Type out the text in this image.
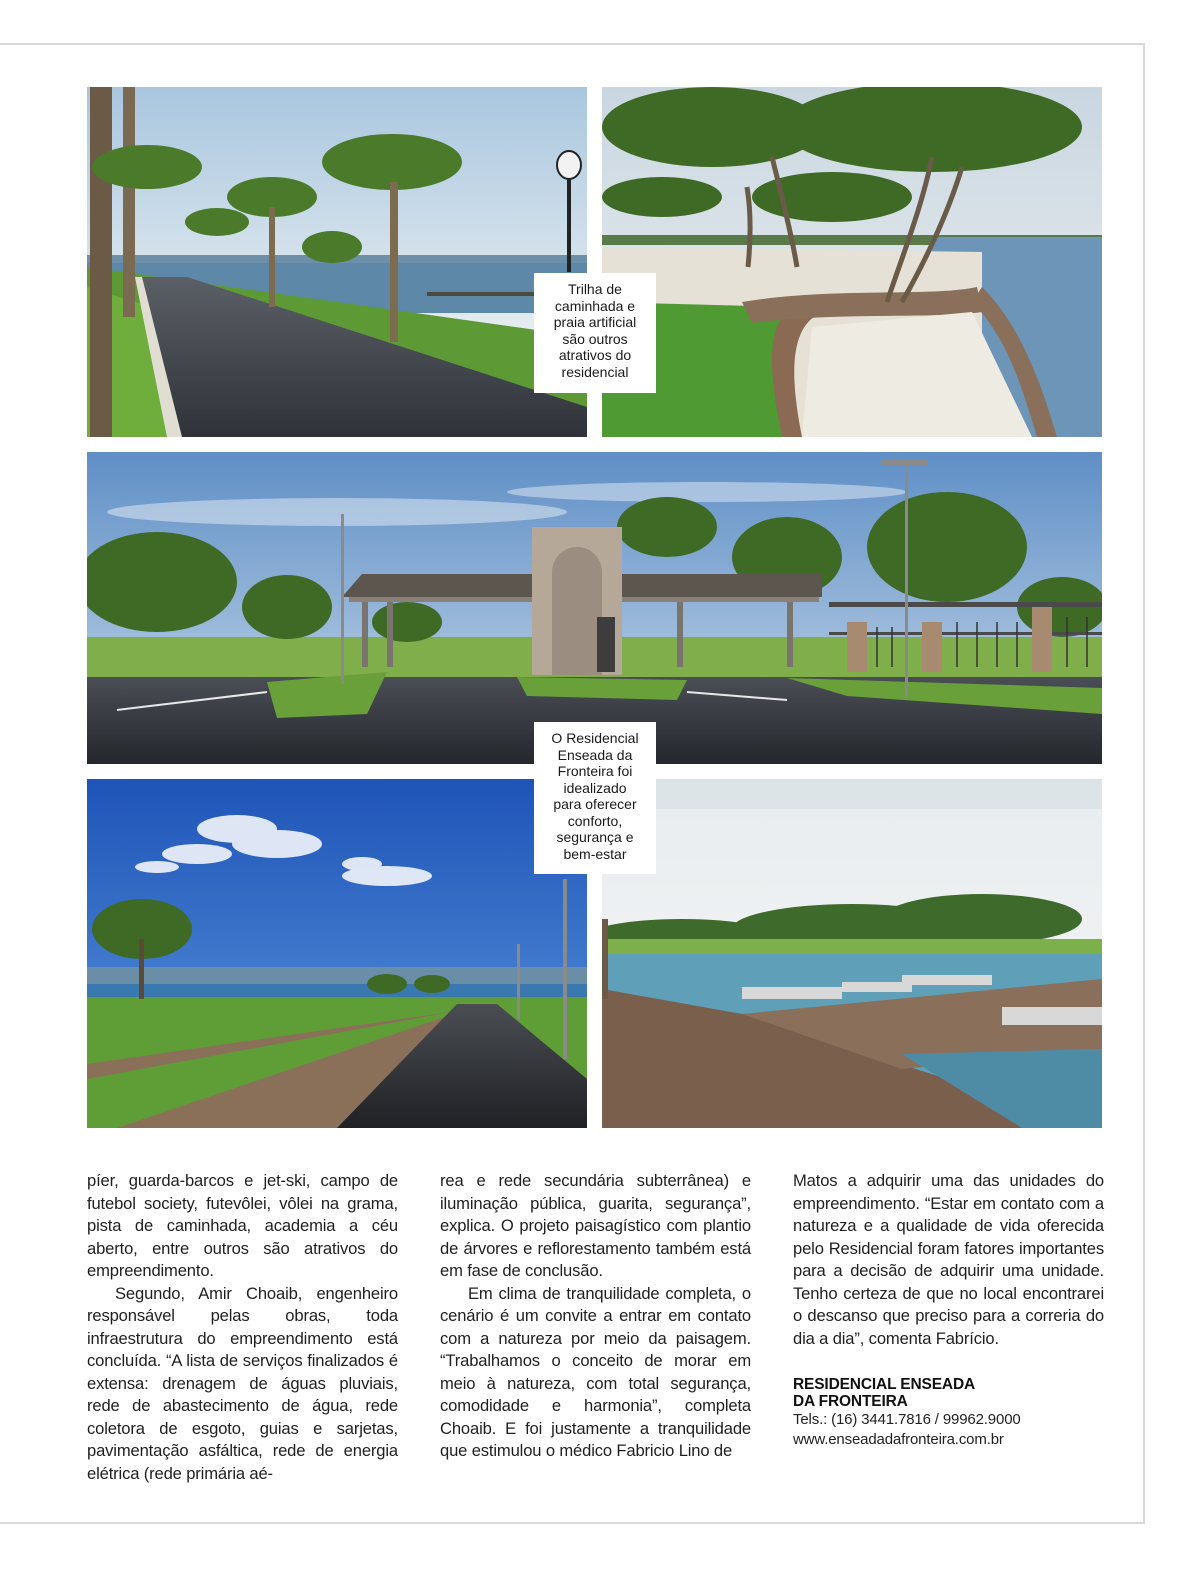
Trilha de
caminhada e
praia artificial
são outros
atrativos do
residencial
O Residencial
Enseada da
Fronteira foi
idealizado
para oferecer
conforto,
segurança e
bem-estar

píer, guarda-barcos e jet-ski, campo de futebol society, futevôlei, vôlei na grama, pista de caminhada, academia a céu aberto, entre outros são atrativos do empreendimento.

Segundo, Amir Choaib, engenheiro responsável pelas obras, toda infraestrutura do empreendimento está concluída. “A lista de serviços finalizados é extensa: drenagem de águas pluviais, rede de abastecimento de água, rede coletora de esgoto, guias e sarjetas, pavimentação asfáltica, rede de energia elétrica (rede primária aé-

rea e rede secundária subterrânea) e iluminação pública, guarita, segurança”, explica. O projeto paisagístico com plantio de árvores e reflorestamento também está em fase de conclusão.

Em clima de tranquilidade completa, o cenário é um convite a entrar em contato com a natureza por meio da paisagem. “Trabalhamos o conceito de morar em meio à natureza, com total segurança, comodidade e harmonia”, completa Choaib. E foi justamente a tranquilidade que estimulou o médico Fabricio Lino de

Matos a adquirir uma das unidades do empreendimento. “Estar em contato com a natureza e a qualidade de vida oferecida pelo Residencial foram fatores importantes para a decisão de adquirir uma unidade. Tenho certeza de que no local encontrarei o descanso que preciso para a correria do dia a dia”, comenta Fabrício.

RESIDENCIAL ENSEADA
DA FRONTEIRA
Tels.: (16) 3441.7816 / 99962.9000
www.enseadadafronteira.com.br
